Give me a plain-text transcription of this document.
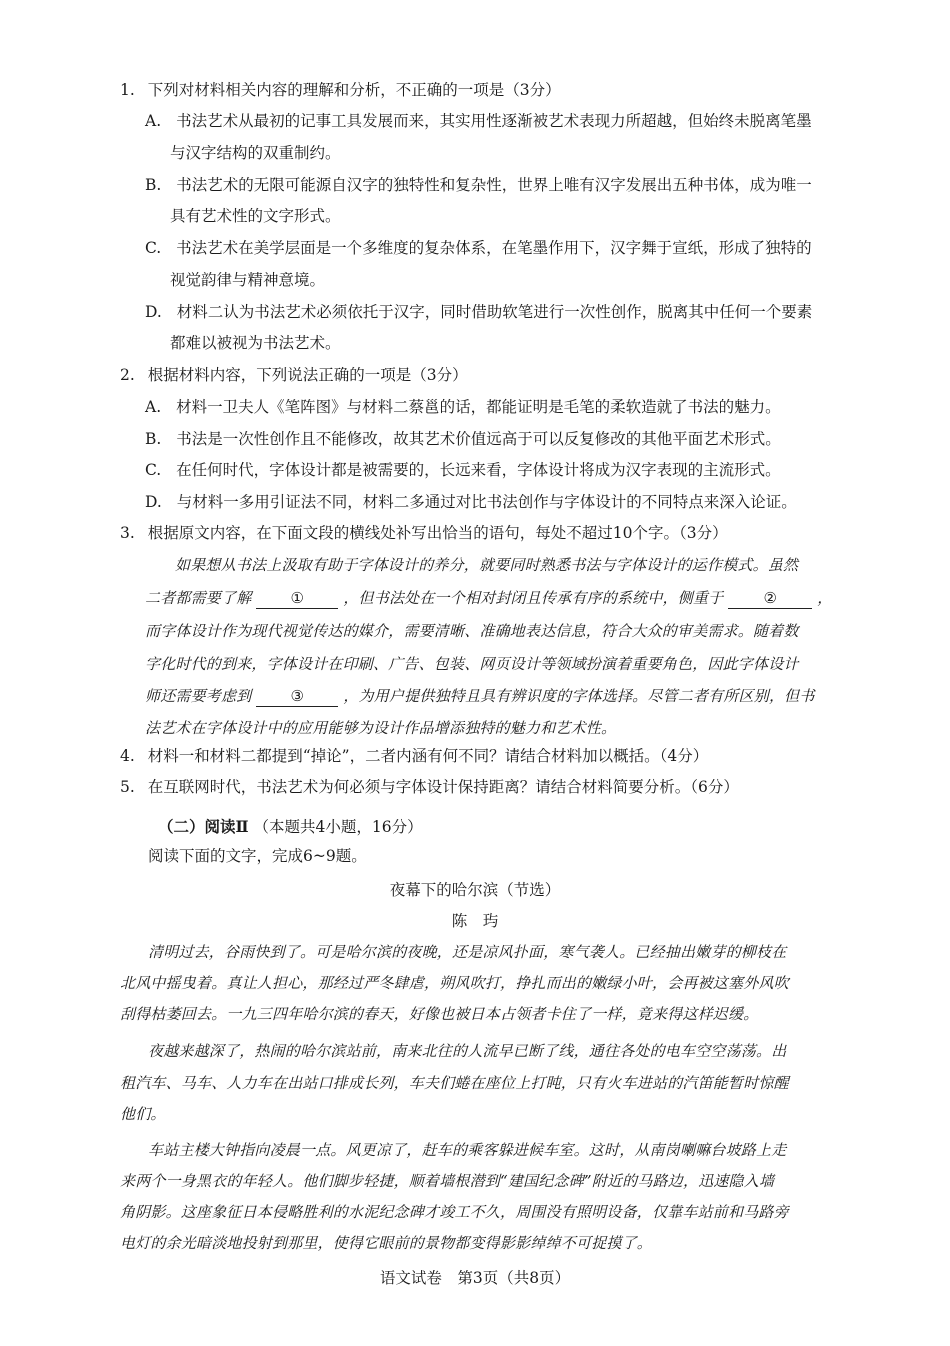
1. 下列对材料相关内容的理解和分析，不正确的一项是（3分）
A. 书法艺术从最初的记事工具发展而来，其实用性逐渐被艺术表现力所超越，但始终未脱离笔墨
与汉字结构的双重制约。
B. 书法艺术的无限可能源自汉字的独特性和复杂性，世界上唯有汉字发展出五种书体，成为唯一
具有艺术性的文字形式。
C. 书法艺术在美学层面是一个多维度的复杂体系，在笔墨作用下，汉字舞于宣纸，形成了独特的
视觉韵律与精神意境。
D. 材料二认为书法艺术必须依托于汉字，同时借助软笔进行一次性创作，脱离其中任何一个要素
都难以被视为书法艺术。
2. 根据材料内容，下列说法正确的一项是（3分）
A. 材料一卫夫人《笔阵图》与材料二蔡邕的话，都能证明是毛笔的柔软造就了书法的魅力。
B. 书法是一次性创作且不能修改，故其艺术价值远高于可以反复修改的其他平面艺术形式。
C. 在任何时代，字体设计都是被需要的，长远来看，字体设计将成为汉字表现的主流形式。
D. 与材料一多用引证法不同，材料二多通过对比书法创作与字体设计的不同特点来深入论证。
3. 根据原文内容，在下面文段的横线处补写出恰当的语句，每处不超过10个字。（3分）
如果想从书法上汲取有助于字体设计的养分，就要同时熟悉书法与字体设计的运作模式。虽然
二者都需要了解	①	，但书法处在一个相对封闭且传承有序的系统中，侧重于	②	，
而字体设计作为现代视觉传达的媒介，需要清晰、准确地表达信息，符合大众的审美需求。随着数
字化时代的到来，字体设计在印刷、广告、包装、网页设计等领域扮演着重要角色，因此字体设计
师还需要考虑到	③	，为用户提供独特且具有辨识度的字体选择。尽管二者有所区别，但书
法艺术在字体设计中的应用能够为设计作品增添独特的魅力和艺术性。
4. 材料一和材料二都提到“掉论”，二者内涵有何不同？请结合材料加以概括。（4分）
5. 在互联网时代，书法艺术为何必须与字体设计保持距离？请结合材料简要分析。（6分）
（二）阅读Ⅱ （本题共4小题，16分）
阅读下面的文字，完成6~9题。
夜幕下的哈尔滨（节选）
陈　玙
清明过去，谷雨快到了。可是哈尔滨的夜晚，还是凉风扑面，寒气袭人。已经抽出嫩芽的柳枝在
北风中摇曳着。真让人担心，那经过严冬肆虐，朔风吹打，挣扎而出的嫩绿小叶，会再被这塞外风吹
刮得枯萎回去。一九三四年哈尔滨的春天，好像也被日本占领者卡住了一样，竟来得这样迟缓。
夜越来越深了，热闹的哈尔滨站前，南来北往的人流早已断了线，通往各处的电车空空荡荡。出
租汽车、马车、人力车在出站口排成长列，车夫们蜷在座位上打盹，只有火车进站的汽笛能暂时惊醒
他们。
车站主楼大钟指向凌晨一点。风更凉了，赶车的乘客躲进候车室。这时，从南岗喇嘛台坡路上走
来两个一身黑衣的年轻人。他们脚步轻捷，顺着墙根潜到“建国纪念碑”附近的马路边，迅速隐入墙
角阴影。这座象征日本侵略胜利的水泥纪念碑才竣工不久，周围没有照明设备，仅靠车站前和马路旁
电灯的余光暗淡地投射到那里，使得它眼前的景物都变得影影绰绰不可捉摸了。
语文试卷　第3页（共8页）
